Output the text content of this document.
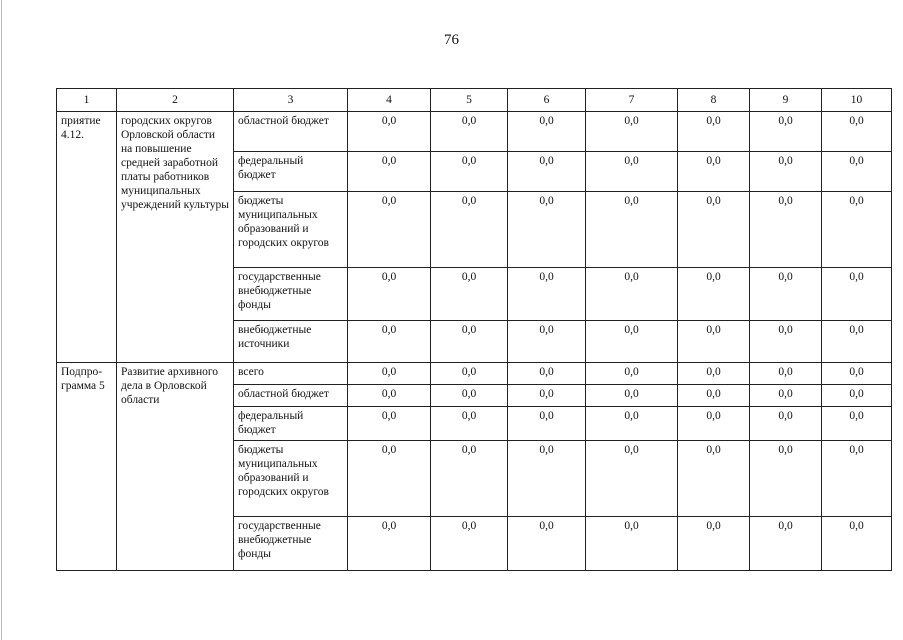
76
1	2	3	4	5	6	7	8	9	10
приятие 4.12.	городских округов Орловской области на повышение средней заработной платы работников муниципальных учреждений культуры	областной бюджет	0,0	0,0	0,0	0,0	0,0	0,0	0,0
		федеральный бюджет	0,0	0,0	0,0	0,0	0,0	0,0	0,0
		бюджеты муниципальных образований и городских округов	0,0	0,0	0,0	0,0	0,0	0,0	0,0
		государственные внебюджетные фонды	0,0	0,0	0,0	0,0	0,0	0,0	0,0
		внебюджетные источники	0,0	0,0	0,0	0,0	0,0	0,0	0,0
Подпро-грамма 5	Развитие архивного дела в Орловской области	всего	0,0	0,0	0,0	0,0	0,0	0,0	0,0
		областной бюджет	0,0	0,0	0,0	0,0	0,0	0,0	0,0
		федеральный бюджет	0,0	0,0	0,0	0,0	0,0	0,0	0,0
		бюджеты муниципальных образований и городских округов	0,0	0,0	0,0	0,0	0,0	0,0	0,0
		государственные внебюджетные фонды	0,0	0,0	0,0	0,0	0,0	0,0	0,0
